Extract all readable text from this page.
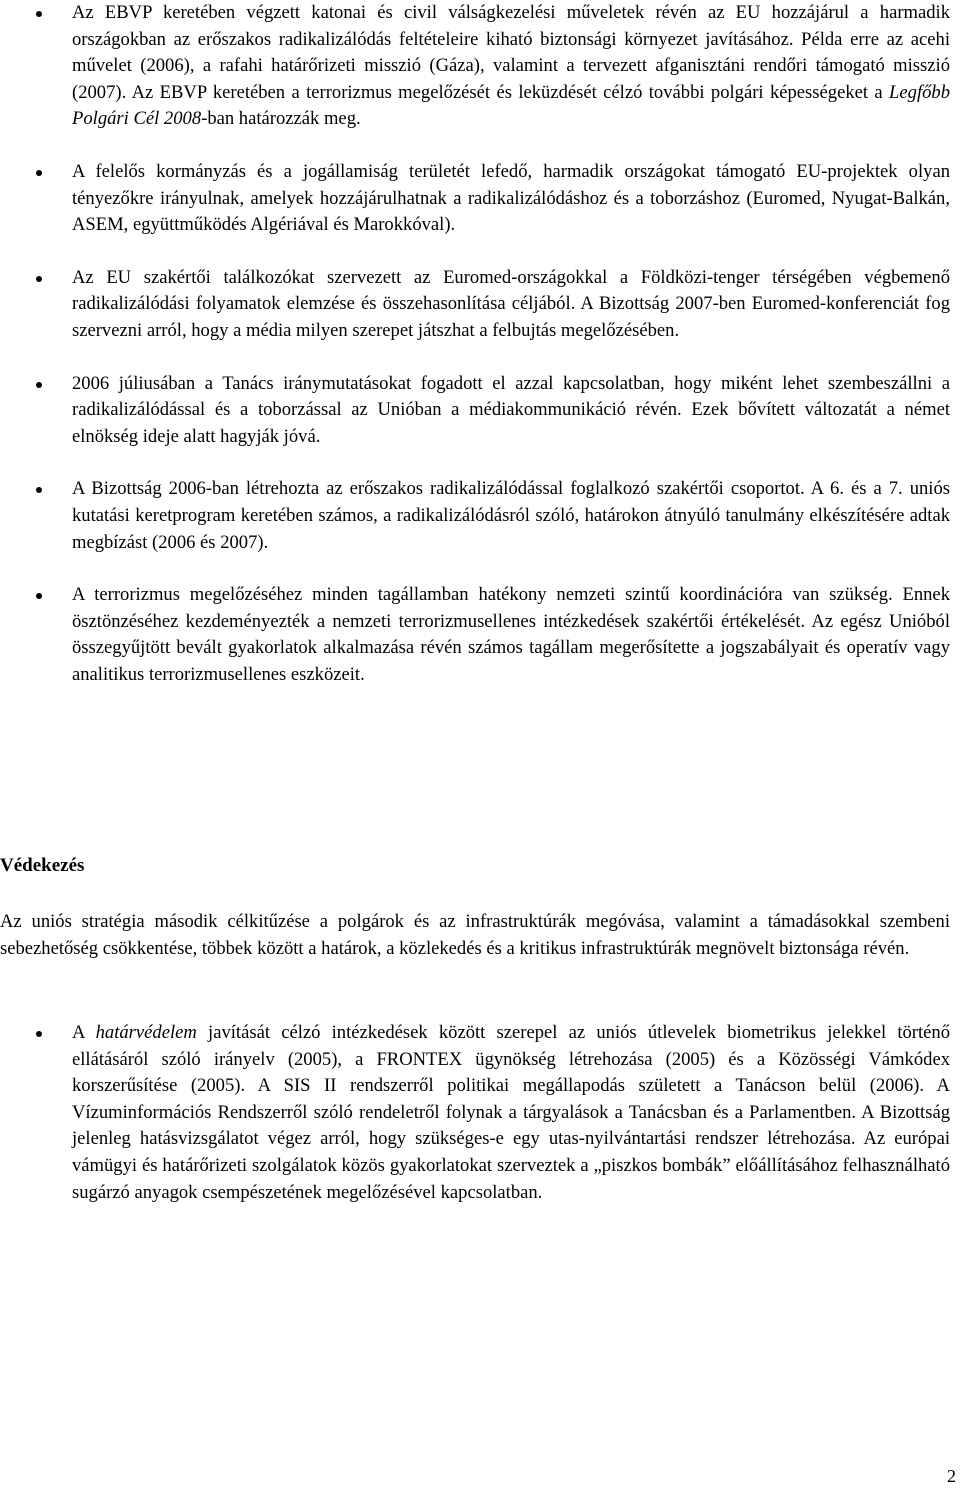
Az EBVP keretében végzett katonai és civil válságkezelési műveletek révén az EU hozzájárul a harmadik országokban az erőszakos radikalizálódás feltételeire kiható biztonsági környezet javításához. Példa erre az acehi művelet (2006), a rafahi határőrizeti misszió (Gáza), valamint a tervezett afganisztáni rendőri támogató misszió (2007). Az EBVP keretében a terrorizmus megelőzését és leküzdését célzó további polgári képességeket a Legfőbb Polgári Cél 2008-ban határozzák meg.
A felelős kormányzás és a jogállamiság területét lefedő, harmadik országokat támogató EU-projektek olyan tényezőkre irányulnak, amelyek hozzájárulhatnak a radikalizálódáshoz és a toborzáshoz (Euromed, Nyugat-Balkán, ASEM, együttműködés Algériával és Marokkóval).
Az EU szakértői találkozókat szervezett az Euromed-országokkal a Földközi-tenger térségében végbemenő radikalizálódási folyamatok elemzése és összehasonlítása céljából. A Bizottság 2007-ben Euromed-konferenciát fog szervezni arról, hogy a média milyen szerepet játszhat a felbujtás megelőzésében.
2006 júliusában a Tanács iránymutatásokat fogadott el azzal kapcsolatban, hogy miként lehet szembeszállni a radikalizálódással és a toborzással az Unióban a médiakommunikáció révén. Ezek bővített változatát a német elnökség ideje alatt hagyják jóvá.
A Bizottság 2006-ban létrehozta az erőszakos radikalizálódással foglalkozó szakértői csoportot. A 6. és a 7. uniós kutatási keretprogram keretében számos, a radikalizálódásról szóló, határokon átnyúló tanulmány elkészítésére adtak megbízást (2006 és 2007).
A terrorizmus megelőzéséhez minden tagállamban hatékony nemzeti szintű koordinációra van szükség. Ennek ösztönzéséhez kezdeményezték a nemzeti terrorizmusellenes intézkedések szakértői értékelését. Az egész Unióból összegyűjtött bevált gyakorlatok alkalmazása révén számos tagállam megerősítette a jogszabályait és operatív vagy analitikus terrorizmusellenes eszközeit.
Védekezés

Az uniós stratégia második célkitűzése a polgárok és az infrastruktúrák megóvása, valamint a támadásokkal szembeni sebezhetőség csökkentése, többek között a határok, a közlekedés és a kritikus infrastruktúrák megnövelt biztonsága révén.

A határvédelem javítását célzó intézkedések között szerepel az uniós útlevelek biometrikus jelekkel történő ellátásáról szóló irányelv (2005), a FRONTEX ügynökség létrehozása (2005) és a Közösségi Vámkódex korszerűsítése (2005). A SIS II rendszerről politikai megállapodás született a Tanácson belül (2006). A Vízuminformációs Rendszerről szóló rendeletről folynak a tárgyalások a Tanácsban és a Parlamentben. A Bizottság jelenleg hatásvizsgálatot végez arról, hogy szükséges-e egy utas-nyilvántartási rendszer létrehozása. Az európai vámügyi és határőrizeti szolgálatok közös gyakorlatokat szerveztek a „piszkos bombák” előállításához felhasználható sugárzó anyagok csempészetének megelőzésével kapcsolatban.
2
